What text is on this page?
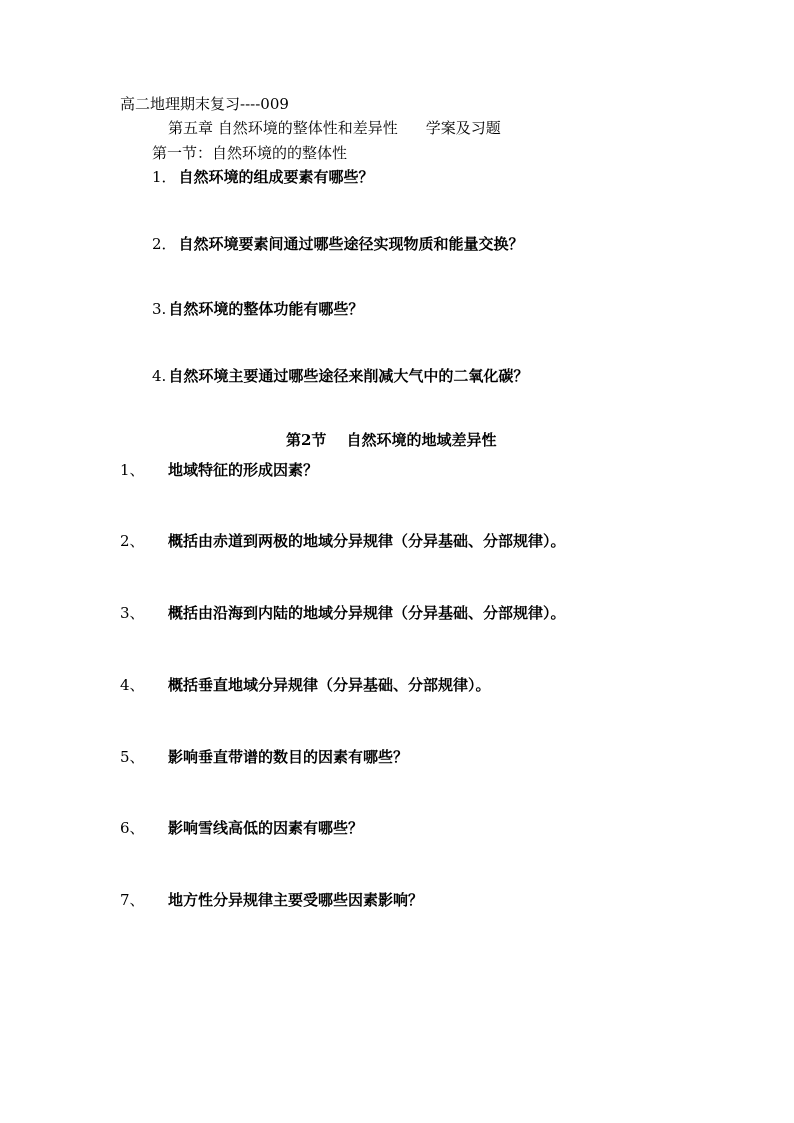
高二地理期末复习----009
第五章 自然环境的整体性和差异性 学案及习题
第一节：自然环境的的整体性
1． 自然环境的组成要素有哪些？
2． 自然环境要素间通过哪些途径实现物质和能量交换？
3. 自然环境的整体功能有哪些？
4. 自然环境主要通过哪些途径来削减大气中的二氧化碳？
第2节 自然环境的地域差异性
1、 地域特征的形成因素？
2、 概括由赤道到两极的地域分异规律（分异基础、分部规律）。
3、 概括由沿海到内陆的地域分异规律（分异基础、分部规律）。
4、 概括垂直地域分异规律（分异基础、分部规律）。
5、 影响垂直带谱的数目的因素有哪些？
6、 影响雪线高低的因素有哪些？
7、 地方性分异规律主要受哪些因素影响？
